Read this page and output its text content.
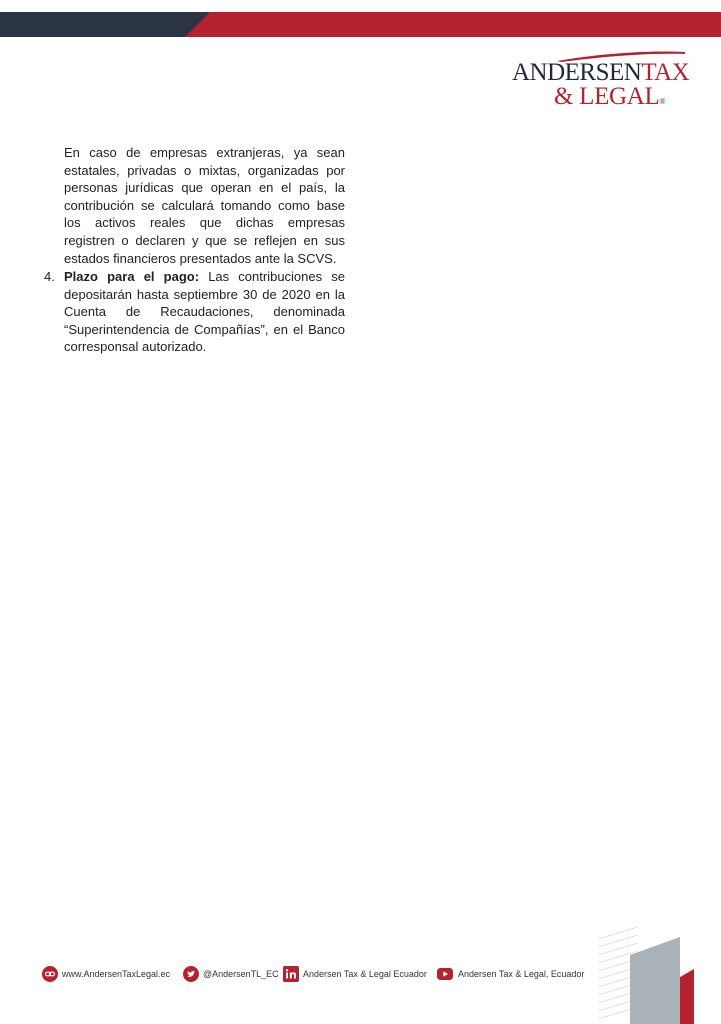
ANDERSENTAX
& LEGAL®

En caso de empresas extranjeras, ya sean estatales, privadas o mixtas, organizadas por personas jurídicas que operan en el país, la contribución se calculará tomando como base los activos reales que dichas empresas registren o declaren y que se reflejen en sus estados financieros presentados ante la SCVS.

4. Plazo para el pago: Las contribuciones se depositarán hasta septiembre 30 de 2020 en la Cuenta de Recaudaciones, denominada “Superintendencia de Compañías”, en el Banco corresponsal autorizado.

www.AndersenTaxLegal.ec	@AndersenTL_EC	Andersen Tax & Legal Ecuador	Andersen Tax & Legal, Ecuador
